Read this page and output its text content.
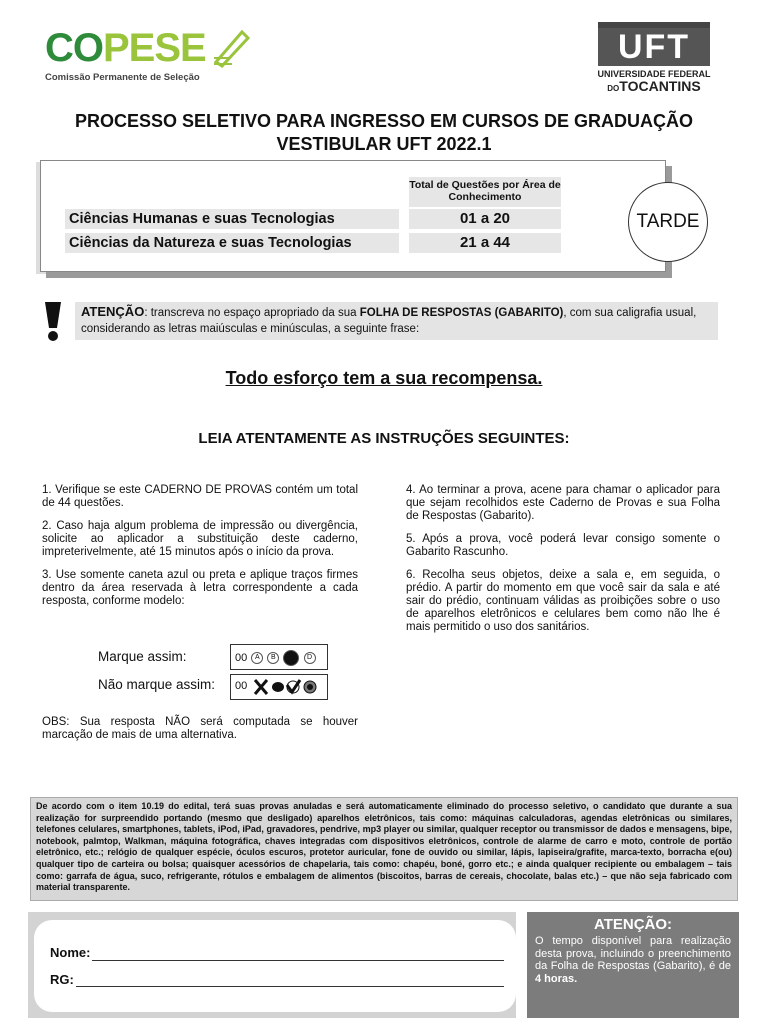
COPESE
Comissão Permanente de Seleção
UFT
UNIVERSIDADE FEDERAL
DOTOCANTINS
PROCESSO SELETIVO PARA INGRESSO EM CURSOS DE GRADUAÇÃO
VESTIBULAR UFT 2022.1
Total de Questões por Área de Conhecimento
Ciências Humanas e suas Tecnologias	01 a 20
Ciências da Natureza e suas Tecnologias	21 a 44
TARDE
ATENÇÃO: transcreva no espaço apropriado da sua FOLHA DE RESPOSTAS (GABARITO), com sua caligrafia usual, considerando as letras maiúsculas e minúsculas, a seguinte frase:
Todo esforço tem a sua recompensa.
LEIA ATENTAMENTE AS INSTRUÇÕES SEGUINTES:

1. Verifique se este CADERNO DE PROVAS contém um total de 44 questões.

2. Caso haja algum problema de impressão ou divergência, solicite ao aplicador a substituição deste caderno, impreterivelmente, até 15 minutos após o início da prova.

3. Use somente caneta azul ou preta e aplique traços firmes dentro da área reservada à letra correspondente a cada resposta, conforme modelo:

Marque assim:	00 A B	D
Não marque assim: 00
OBS: Sua resposta NÃO será computada se houver marcação de mais de uma alternativa.

4. Ao terminar a prova, acene para chamar o aplicador para que sejam recolhidos este Caderno de Provas e sua Folha de Respostas (Gabarito).

5. Após a prova, você poderá levar consigo somente o Gabarito Rascunho.

6. Recolha seus objetos, deixe a sala e, em seguida, o prédio. A partir do momento em que você sair da sala e até sair do prédio, continuam válidas as proibições sobre o uso de aparelhos eletrônicos e celulares bem como não lhe é mais permitido o uso dos sanitários.

De acordo com o item 10.19 do edital, terá suas provas anuladas e será automaticamente eliminado do processo seletivo, o candidato que durante a sua realização for surpreendido portando (mesmo que desligado) aparelhos eletrônicos, tais como: máquinas calculadoras, agendas eletrônicas ou similares, telefones celulares, smartphones, tablets, iPod, iPad, gravadores, pendrive, mp3 player ou similar, qualquer receptor ou transmissor de dados e mensagens, bipe, notebook, palmtop, Walkman, máquina fotográfica, chaves integradas com dispositivos eletrônicos, controle de alarme de carro e moto, controle de portão eletrônico, etc.; relógio de qualquer espécie, óculos escuros, protetor auricular, fone de ouvido ou similar, lápis, lapiseira/grafite, marca-texto, borracha e(ou) qualquer tipo de carteira ou bolsa; quaisquer acessórios de chapelaria, tais como: chapéu, boné, gorro etc.; e ainda qualquer recipiente ou embalagem – tais como: garrafa de água, suco, refrigerante, rótulos e embalagem de alimentos (biscoitos, barras de cereais, chocolate, balas etc.) – que não seja fabricado com material transparente.
Nome:
RG:
ATENÇÃO:
O tempo disponível para realização desta prova, incluindo o preenchimento da Folha de Respostas (Gabarito), é de 4 horas.
